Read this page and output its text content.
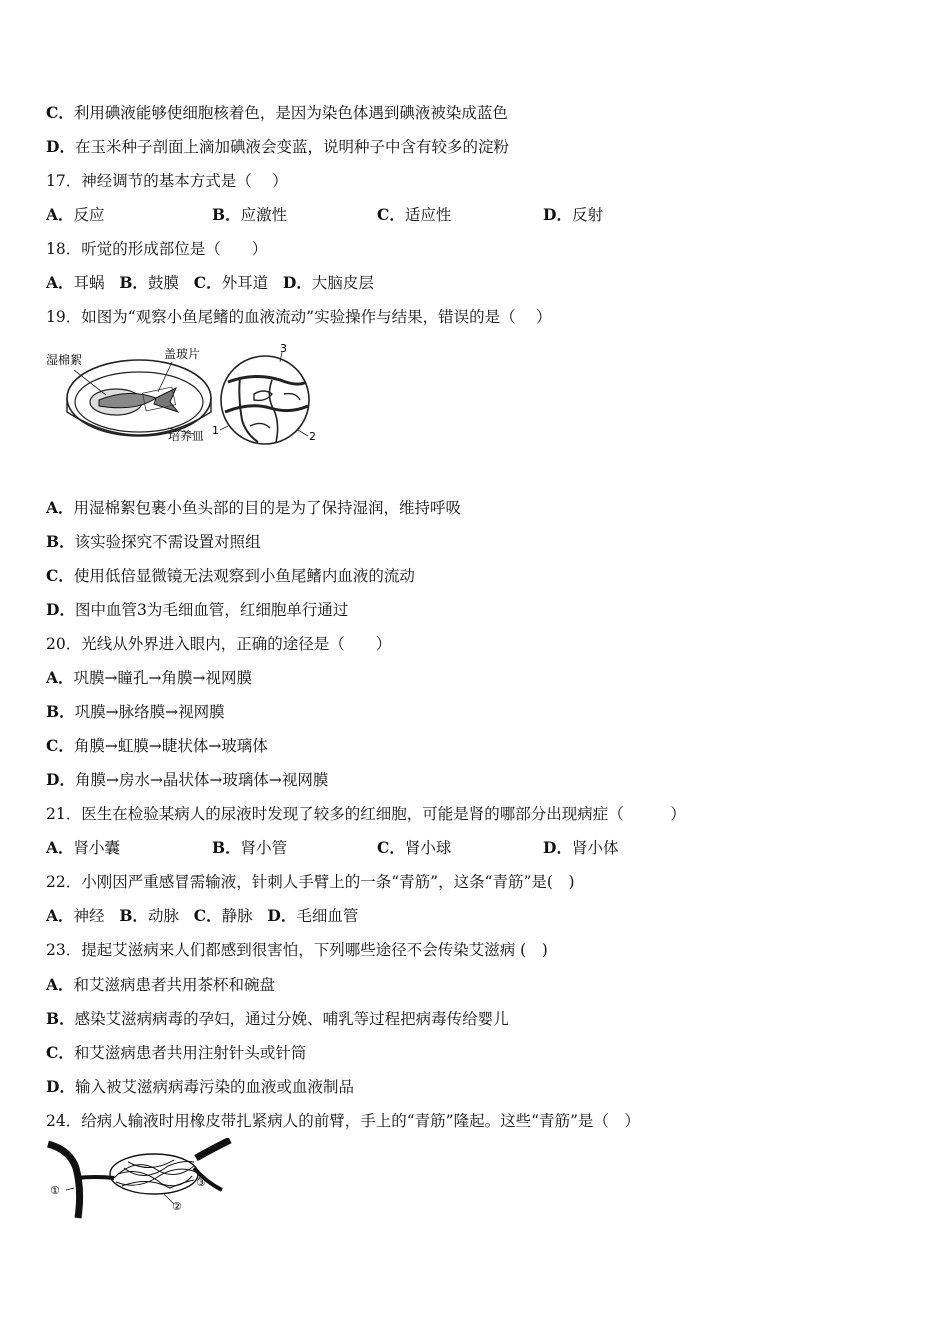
C．利用碘液能够使细胞核着色，是因为染色体遇到碘液被染成蓝色
D．在玉米种子剖面上滴加碘液会变蓝，说明种子中含有较多的淀粉
17．神经调节的基本方式是（　 ）
A．反应	B．应激性	C．适应性	D．反射
18．听觉的形成部位是（　　）
A．耳蜗 B．鼓膜 C．外耳道 D．大脑皮层
19．如图为“观察小鱼尾鳍的血液流动”实验操作与结果，错误的是（　 ）
湿棉絮	盖玻片
培养皿
3
1	2
A．用湿棉絮包裹小鱼头部的目的是为了保持湿润，维持呼吸
B．该实验探究不需设置对照组
C．使用低倍显微镜无法观察到小鱼尾鳍内血液的流动
D．图中血管3为毛细血管，红细胞单行通过
20．光线从外界进入眼内，正确的途径是（　　）
A．巩膜→瞳孔→角膜→视网膜
B．巩膜→脉络膜→视网膜
C．角膜→虹膜→睫状体→玻璃体
D．角膜→房水→晶状体→玻璃体→视网膜
21．医生在检验某病人的尿液时发现了较多的红细胞，可能是肾的哪部分出现病症（　　　）
A．肾小囊	B．肾小管	C．肾小球	D．肾小体
22．小刚因严重感冒需输液，针刺人手臂上的一条“青筋”，这条“青筋”是(　)
A．神经 B．动脉 C．静脉 D．毛细血管
23．提起艾滋病来人们都感到很害怕，下列哪些途径不会传染艾滋病 (　)
A．和艾滋病患者共用茶杯和碗盘
B．感染艾滋病病毒的孕妇，通过分娩、哺乳等过程把病毒传给婴儿
C．和艾滋病患者共用注射针头或针筒
D．输入被艾滋病病毒污染的血液或血液制品
24．给病人输液时用橡皮带扎紧病人的前臂，手上的“青筋”隆起。这些“青筋”是（　）
①
②
③
